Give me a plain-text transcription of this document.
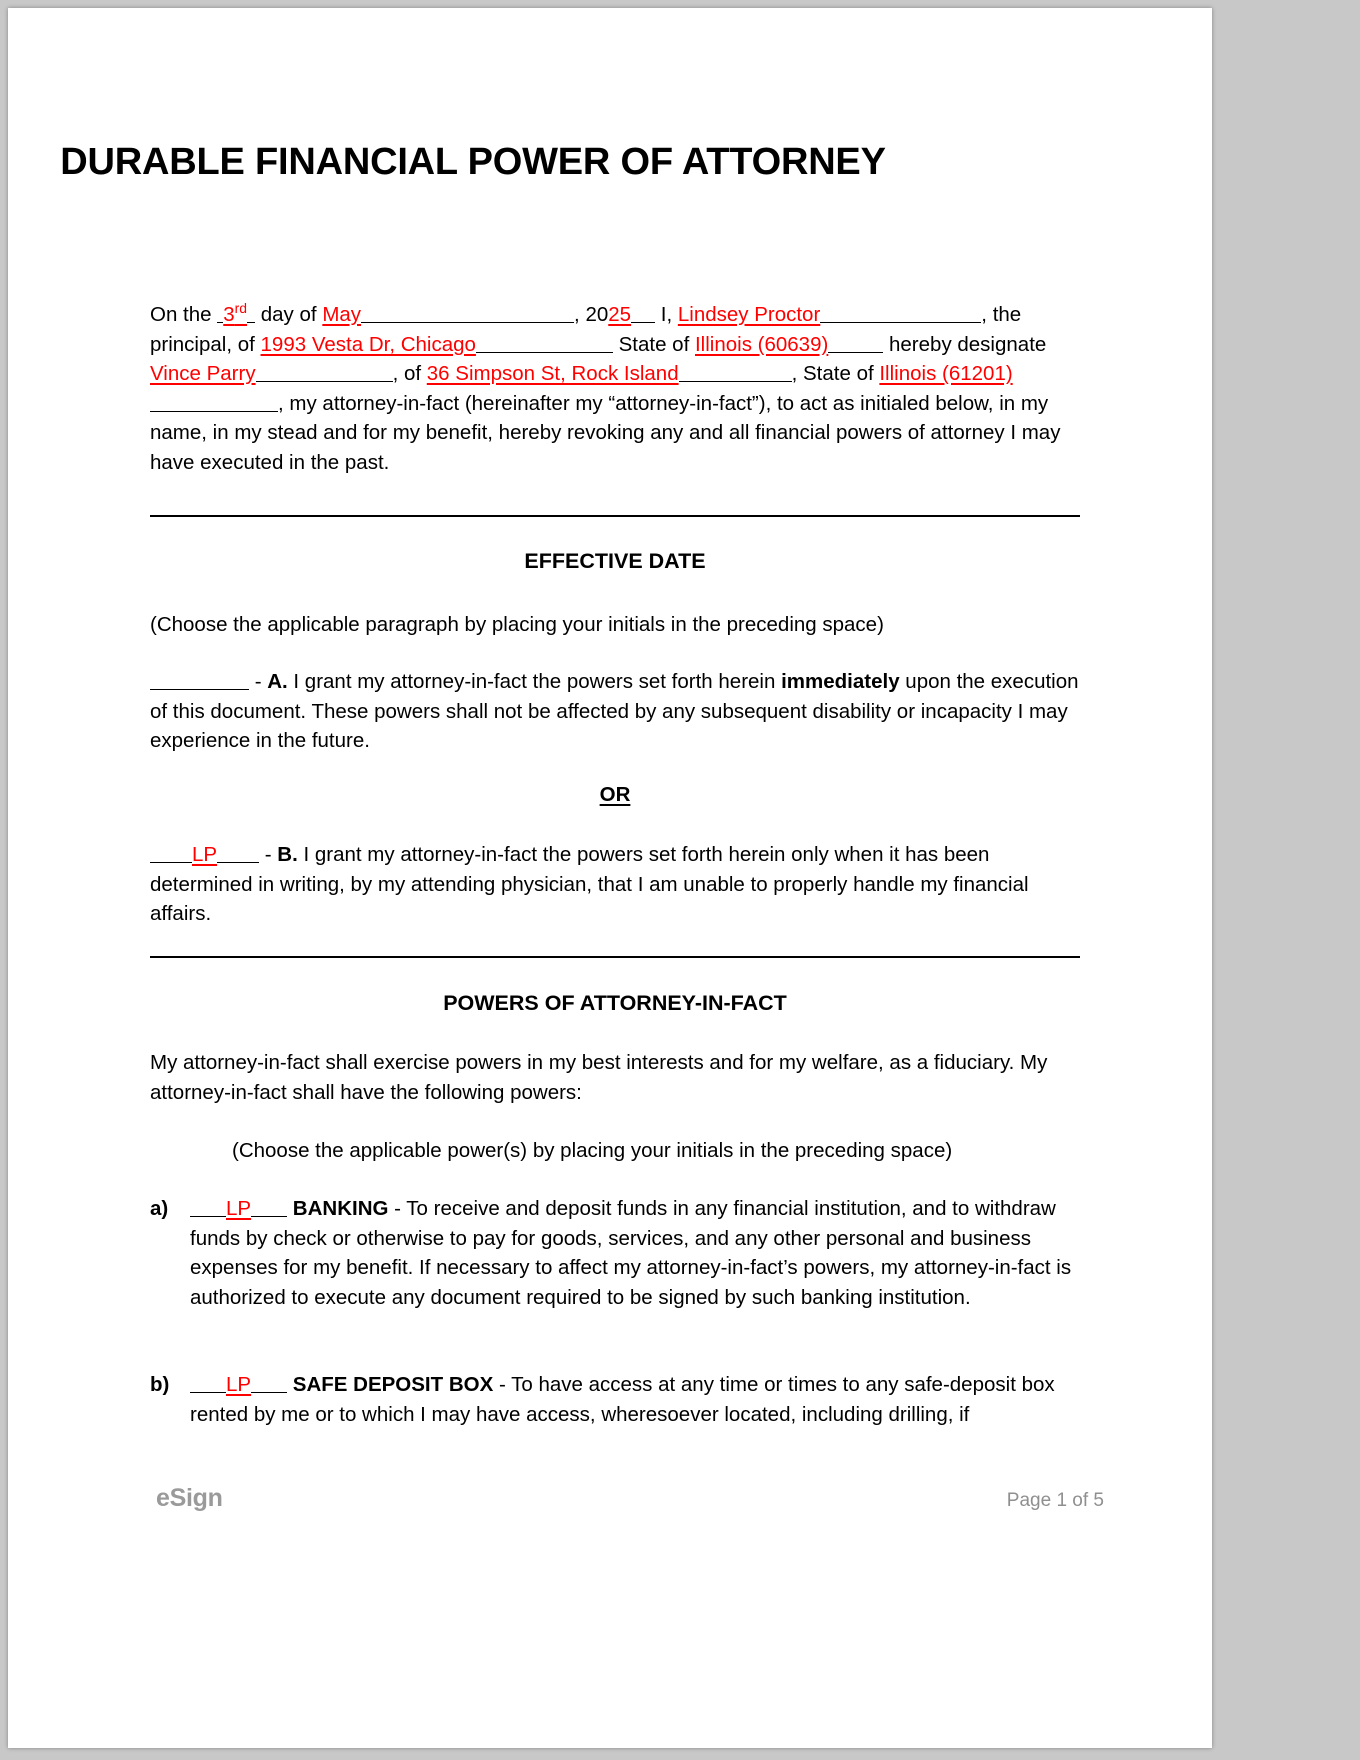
DURABLE FINANCIAL POWER OF ATTORNEY
On the 3rd day of May	, 2025 I, Lindsey Proctor	, the principal, of 1993 Vesta Dr, Chicago	State of Illinois (60639)	hereby designate Vince Parry	, of 36 Simpson St, Rock Island	, State of Illinois (61201), my attorney-in-fact (hereinafter my “attorney-in-fact”), to act as initialed below, in my name, in my stead and for my benefit, hereby revoking any and all financial powers of attorney I may have executed in the past.
EFFECTIVE DATE
(Choose the applicable paragraph by placing your initials in the preceding space)
- A. I grant my attorney-in-fact the powers set forth herein immediately upon the execution of this document. These powers shall not be affected by any subsequent disability or incapacity I may experience in the future.
OR
LP - B. I grant my attorney-in-fact the powers set forth herein only when it has been determined in writing, by my attending physician, that I am unable to properly handle my financial affairs.
POWERS OF ATTORNEY-IN-FACT
My attorney-in-fact shall exercise powers in my best interests and for my welfare, as a fiduciary. My attorney-in-fact shall have the following powers:
(Choose the applicable power(s) by placing your initials in the preceding space)
a)	LP BANKING - To receive and deposit funds in any financial institution, and to withdraw funds by check or otherwise to pay for goods, services, and any other personal and business expenses for my benefit. If necessary to affect my attorney-in-fact’s powers, my attorney-in-fact is authorized to execute any document required to be signed by such banking institution.
b)	LP SAFE DEPOSIT BOX - To have access at any time or times to any safe-deposit box rented by me or to which I may have access, wheresoever located, including drilling, if
eSign	Page 1 of 5
